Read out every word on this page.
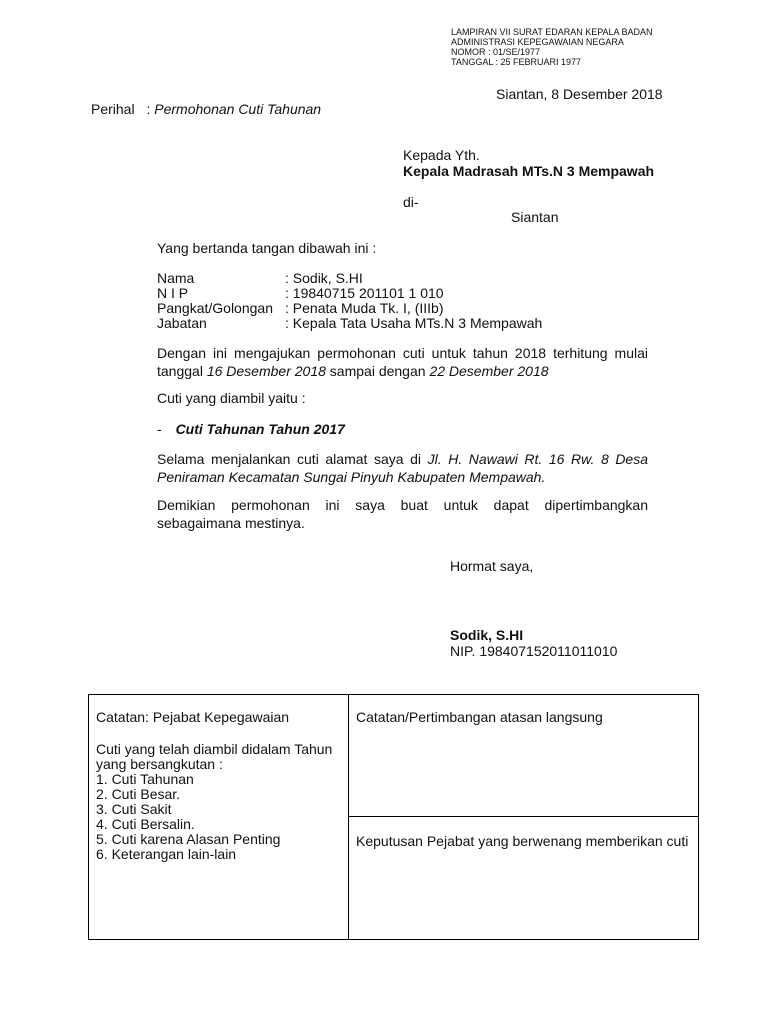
LAMPIRAN VII SURAT EDARAN KEPALA BADAN
ADMINISTRASI KEPEGAWAIAN NEGARA
NOMOR : 01/SE/1977
TANGGAL : 25 FEBRUARI 1977
Siantan, 8 Desember 2018
Perihal : Permohonan Cuti Tahunan
Kepada Yth.
Kepala Madrasah MTs.N 3 Mempawah
di-
Siantan
Yang bertanda tangan dibawah ini :
Nama	: Sodik, S.HI
N I P	: 19840715 201101 1 010
Pangkat/Golongan : Penata Muda Tk. I, (IIIb)
Jabatan	: Kepala Tata Usaha MTs.N 3 Mempawah
Dengan ini mengajukan permohonan cuti untuk tahun 2018 terhitung mulai
tanggal 16 Desember 2018 sampai dengan 22 Desember 2018
Cuti yang diambil yaitu :
- Cuti Tahunan Tahun 2017
Selama menjalankan cuti alamat saya di Jl. H. Nawawi Rt. 16 Rw. 8 Desa
Peniraman Kecamatan Sungai Pinyuh Kabupaten Mempawah.
Demikian permohonan ini saya buat untuk dapat dipertimbangkan
sebagaimana mestinya.
Hormat saya,
Sodik, S.HI
NIP. 198407152011011010
Catatan: Pejabat Kepegawaian
Cuti yang telah diambil didalam Tahun
yang bersangkutan :
1. Cuti Tahunan
2. Cuti Besar.
3. Cuti Sakit
4. Cuti Bersalin.
5. Cuti karena Alasan Penting
6. Keterangan lain-lain
Catatan/Pertimbangan atasan langsung
Keputusan Pejabat yang berwenang memberikan cuti
